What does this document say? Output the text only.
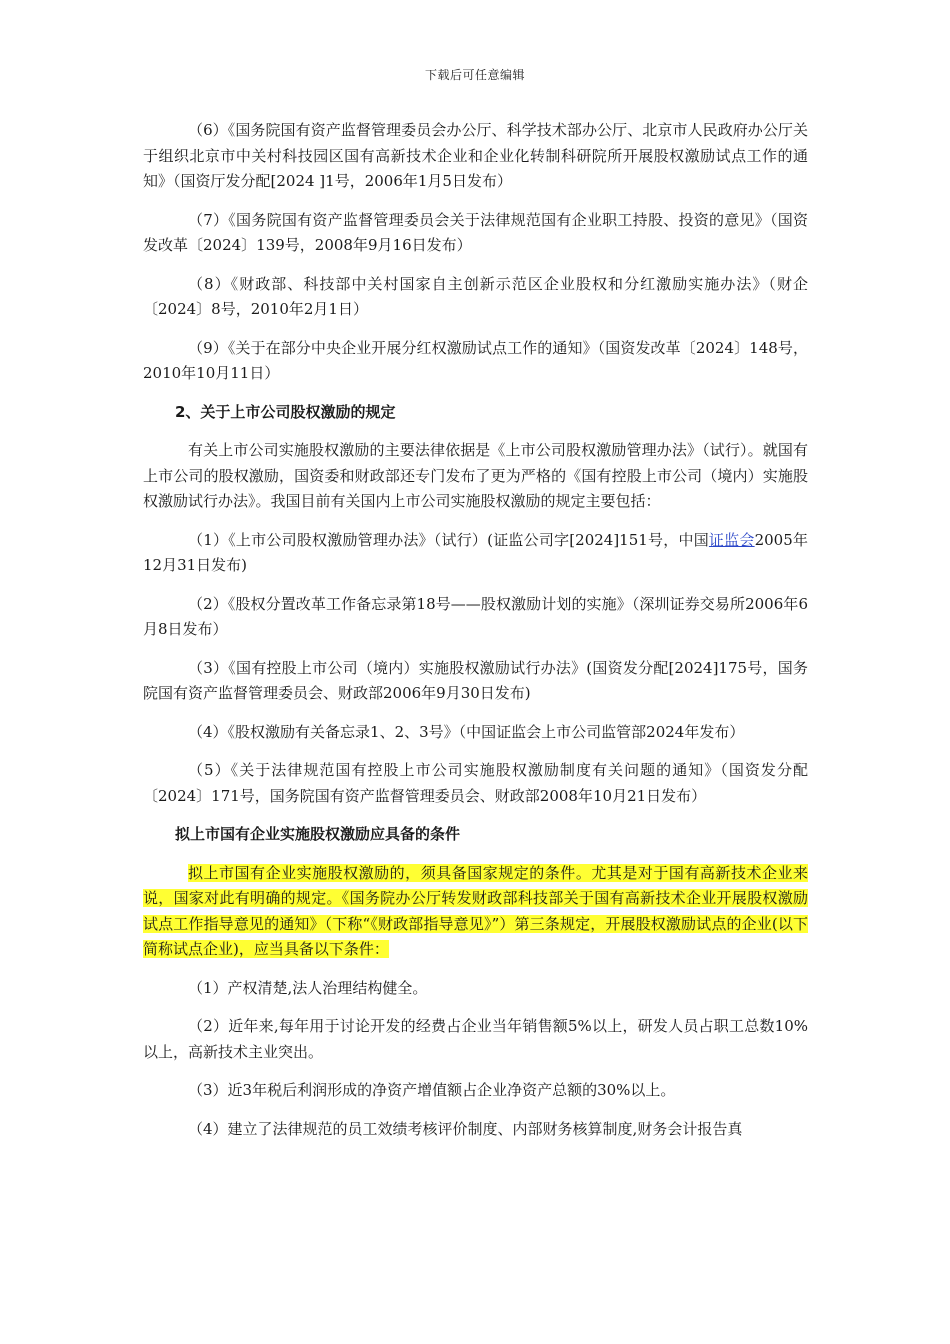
下载后可任意编辑

（6）《国务院国有资产监督管理委员会办公厅、科学技术部办公厅、北京市人民政府办公厅关于组织北京市中关村科技园区国有高新技术企业和企业化转制科研院所开展股权激励试点工作的通知》（国资厅发分配[2024 ]1号，2006年1月5日发布）

（7）《国务院国有资产监督管理委员会关于法律规范国有企业职工持股、投资的意见》（国资发改革〔2024〕139号，2008年9月16日发布）

（8）《财政部、科技部中关村国家自主创新示范区企业股权和分红激励实施办法》（财企〔2024〕8号，2010年2月1日）

（9）《关于在部分中央企业开展分红权激励试点工作的通知》（国资发改革〔2024〕148号，2010年10月11日）

2、关于上市公司股权激励的规定

有关上市公司实施股权激励的主要法律依据是《上市公司股权激励管理办法》（试行）。就国有上市公司的股权激励，国资委和财政部还专门发布了更为严格的《国有控股上市公司（境内）实施股权激励试行办法》。我国目前有关国内上市公司实施股权激励的规定主要包括：

（1）《上市公司股权激励管理办法》（试行）(证监公司字[2024]151号，中国证监会2005年12月31日发布)

（2）《股权分置改革工作备忘录第18号——股权激励计划的实施》（深圳证券交易所2006年6月8日发布）

（3）《国有控股上市公司（境内）实施股权激励试行办法》(国资发分配[2024]175号，国务院国有资产监督管理委员会、财政部2006年9月30日发布)

（4）《股权激励有关备忘录1、2、3号》（中国证监会上市公司监管部2024年发布）

（5）《关于法律规范国有控股上市公司实施股权激励制度有关问题的通知》（国资发分配〔2024〕171号，国务院国有资产监督管理委员会、财政部2008年10月21日发布）

拟上市国有企业实施股权激励应具备的条件

拟上市国有企业实施股权激励的，须具备国家规定的条件。尤其是对于国有高新技术企业来说，国家对此有明确的规定。《国务院办公厅转发财政部科技部关于国有高新技术企业开展股权激励试点工作指导意见的通知》（下称“《财政部指导意见》”）第三条规定，开展股权激励试点的企业(以下简称试点企业)，应当具备以下条件：

（1）产权清楚,法人治理结构健全。

（2）近年来,每年用于讨论开发的经费占企业当年销售额5%以上，研发人员占职工总数10%以上，高新技术主业突出。

（3）近3年税后利润形成的净资产增值额占企业净资产总额的30%以上。

（4）建立了法律规范的员工效绩考核评价制度、内部财务核算制度,财务会计报告真
